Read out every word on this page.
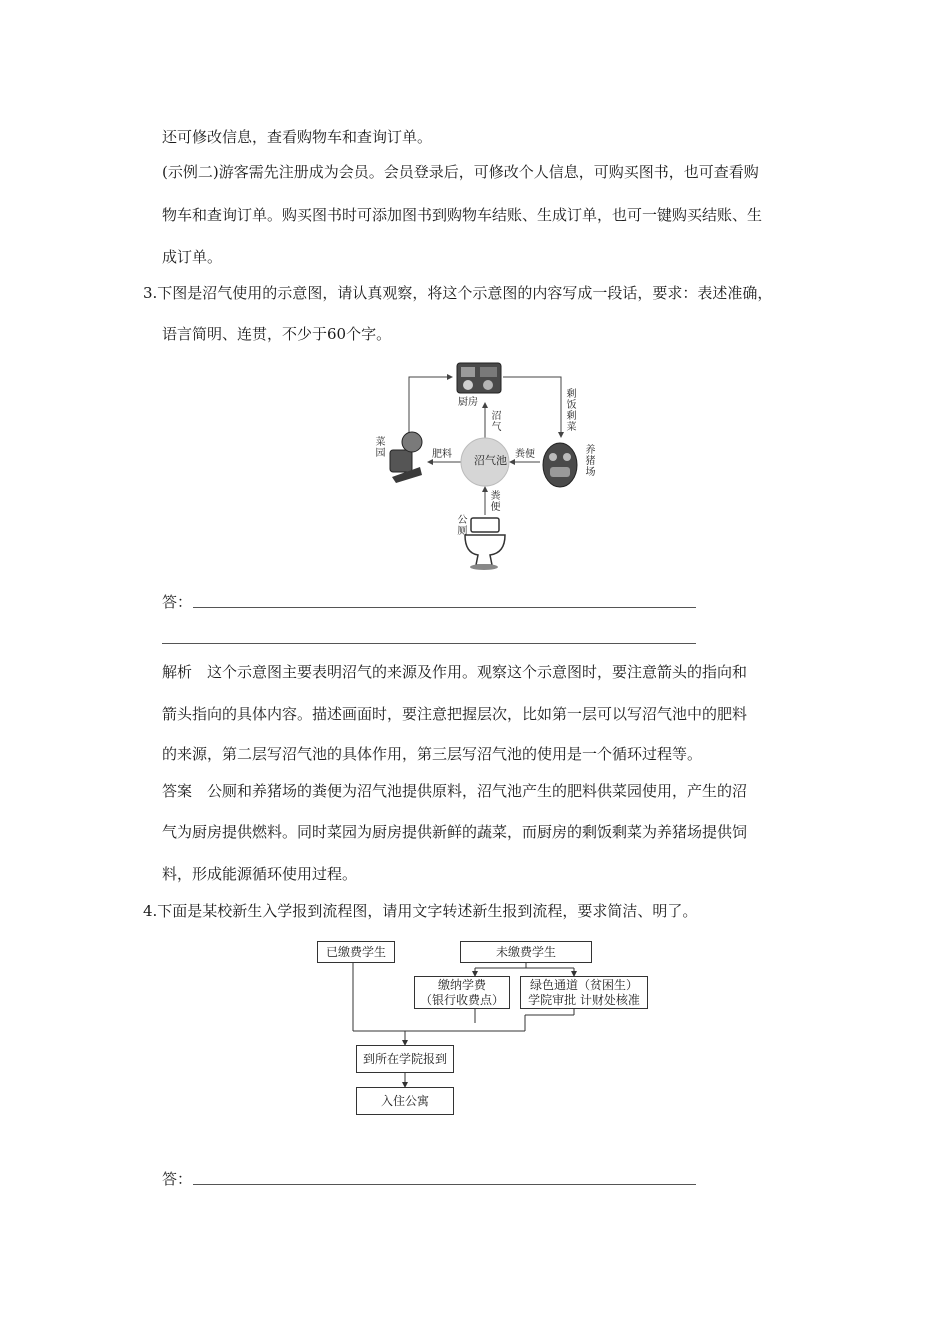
还可修改信息，查看购物车和查询订单。
(示例二)游客需先注册成为会员。会员登录后，可修改个人信息，可购买图书，也可查看购
物车和查询订单。购买图书时可添加图书到购物车结账、生成订单，也可一键购买结账、生
成订单。
3.下图是沼气使用的示意图，请认真观察，将这个示意图的内容写成一段话，要求：表述准确，
语言简明、连贯，不少于60个字。
沼气池
厨房
菜园	养猪场
公厕
沼气
剩饭剩菜
肥料	粪便
粪便
答：
解析　这个示意图主要表明沼气的来源及作用。观察这个示意图时，要注意箭头的指向和
箭头指向的具体内容。描述画面时，要注意把握层次，比如第一层可以写沼气池中的肥料
的来源，第二层写沼气池的具体作用，第三层写沼气池的使用是一个循环过程等。
答案　公厕和养猪场的粪便为沼气池提供原料，沼气池产生的肥料供菜园使用，产生的沼
气为厨房提供燃料。同时菜园为厨房提供新鲜的蔬菜，而厨房的剩饭剩菜为养猪场提供饲
料，形成能源循环使用过程。
4.下面是某校新生入学报到流程图，请用文字转述新生报到流程，要求简洁、明了。
已缴费学生	未缴费学生
缴纳学费
（银行收费点）
绿色通道（贫困生）
学院审批 计财处核准
到所在学院报到
入住公寓
答：
